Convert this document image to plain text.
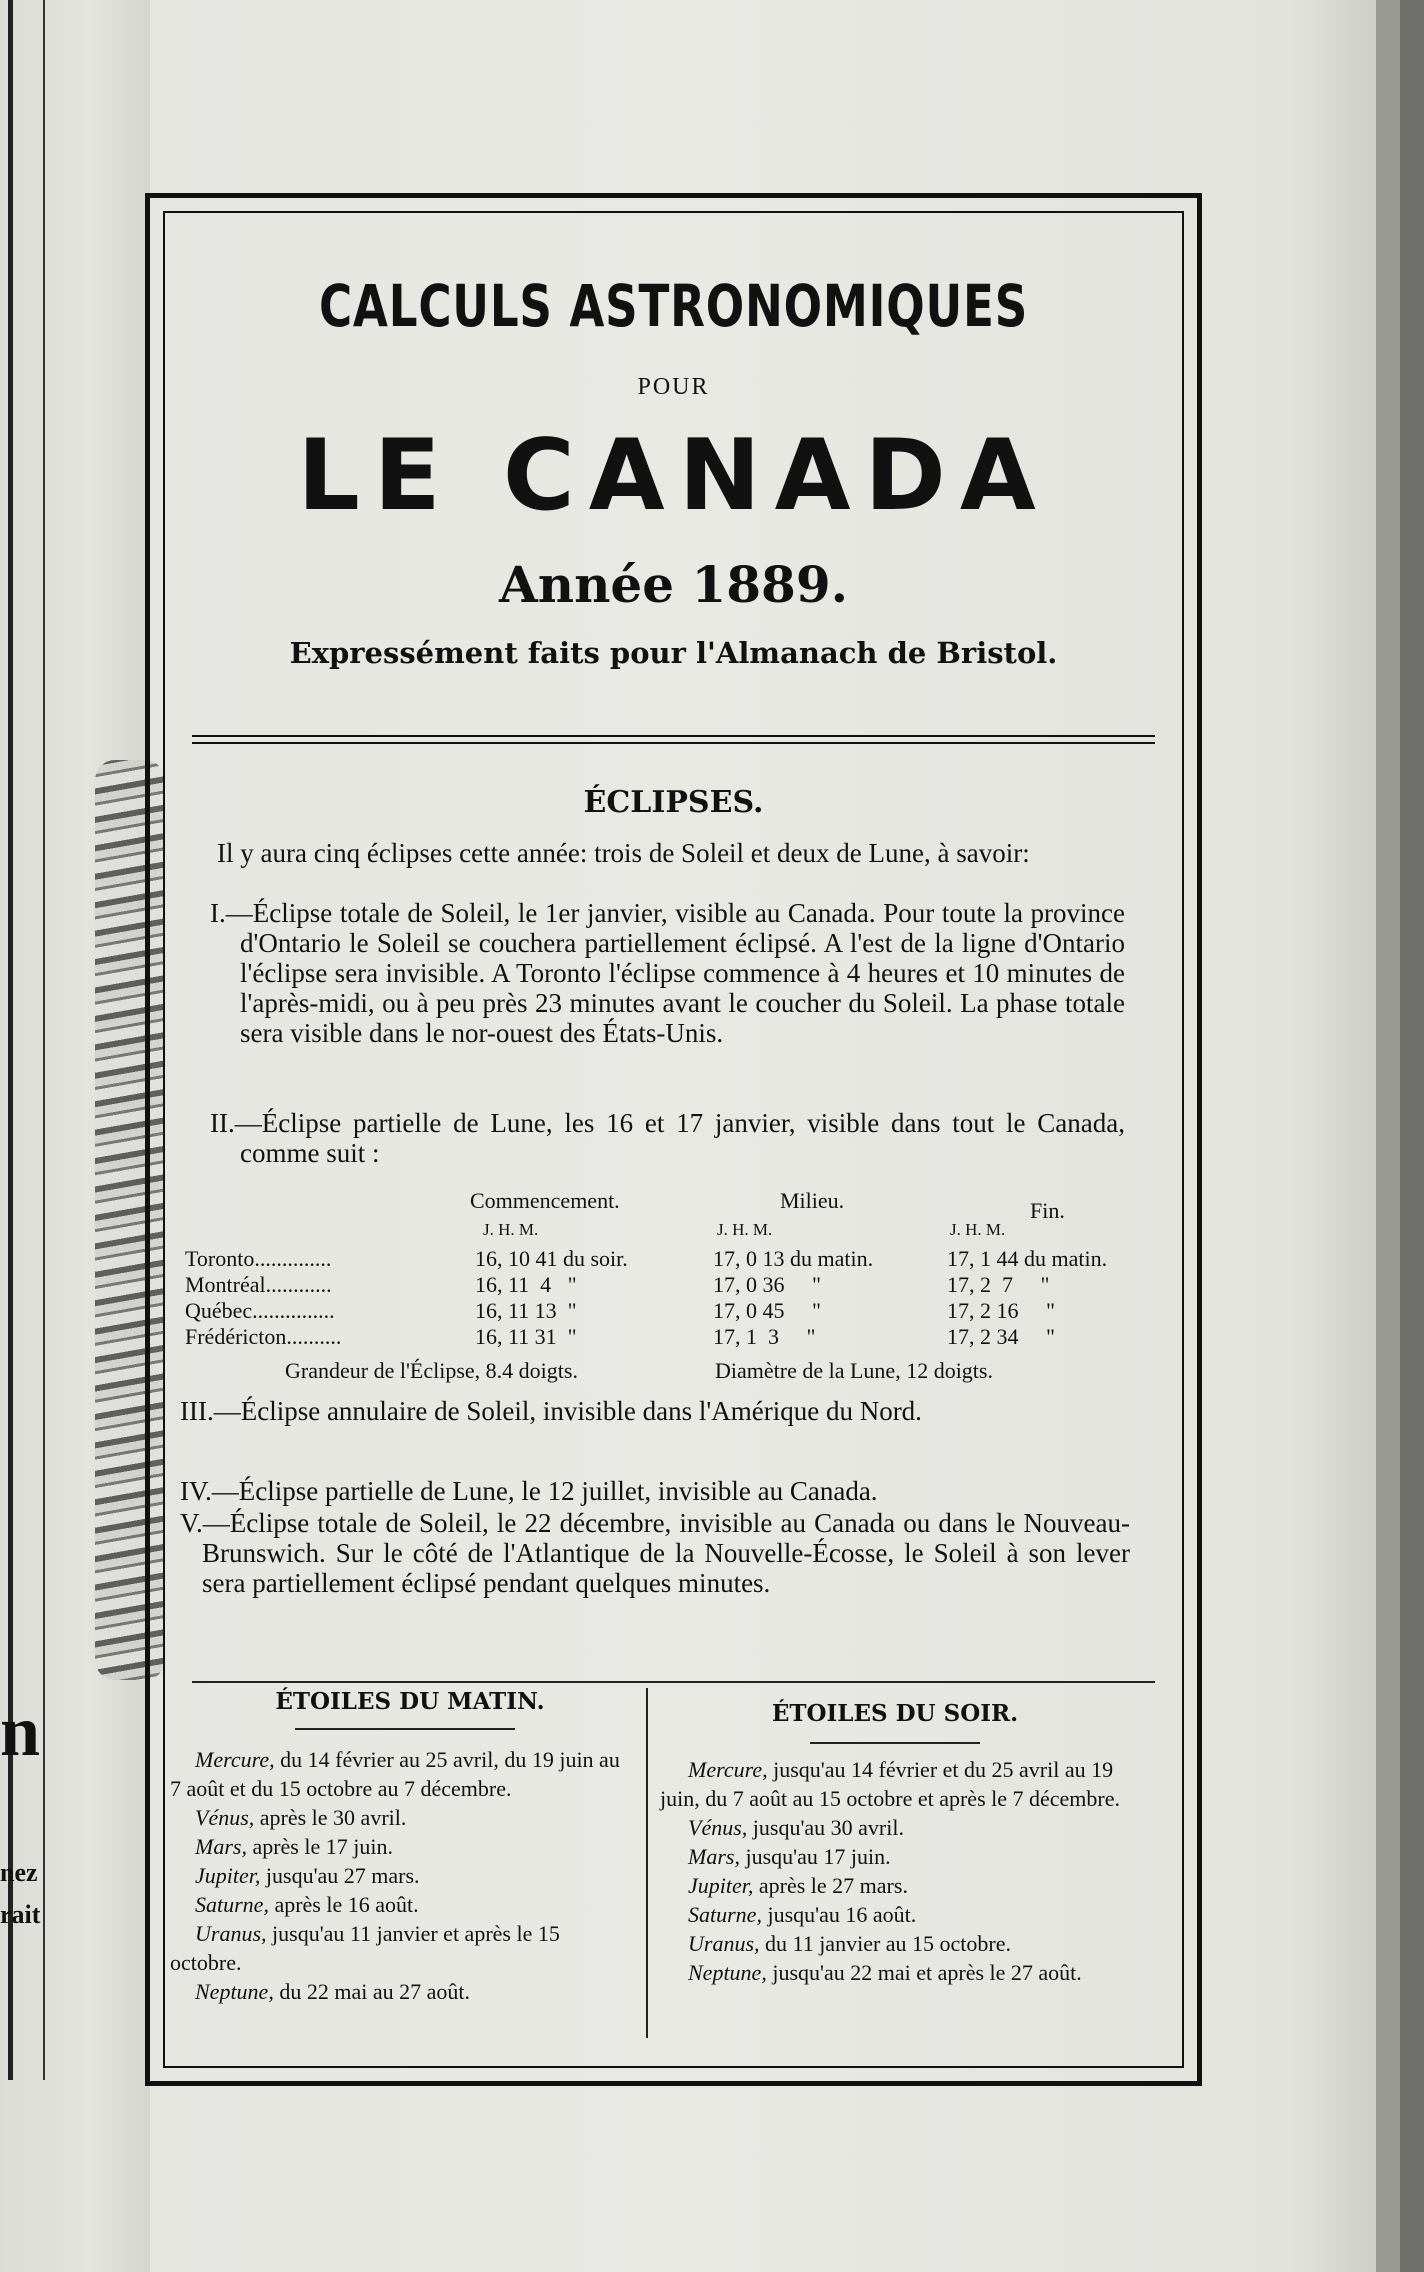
n
nez
rait
CALCULS ASTRONOMIQUES
POUR
LE CANADA
Année 1889.
Expressément faits pour l'Almanach de Bristol.
ÉCLIPSES.
Il y aura cinq éclipses cette année: trois de Soleil et deux de Lune, à savoir:
I.—Éclipse totale de Soleil, le 1er janvier, visible au Canada. Pour toute la province d'Ontario le Soleil se couchera partiellement éclipsé. A l'est de la ligne d'Ontario l'éclipse sera invisible. A Toronto l'éclipse commence à 4 heures et 10 minutes de l'après-midi, ou à peu près 23 minutes avant le coucher du Soleil. La phase totale sera visible dans le nor-ouest des États-Unis.
II.—Éclipse partielle de Lune, les 16 et 17 janvier, visible dans tout le Canada, comme suit :
Commencement.	Milieu.	Fin.
J. H. M.	J. H. M.	J. H. M.
Toronto..............	16, 10 41 du soir.	17, 0 13 du matin.	17, 1 44 du matin.
Montréal............	16, 11  4   "	17, 0 36     "	17, 2  7     "
Québec...............	16, 11 13  "	17, 0 45     "	17, 2 16     "
Frédéricton..........	16, 11 31  "	17, 1  3     "	17, 2 34     "
Grandeur de l'Éclipse, 8.4 doigts.	Diamètre de la Lune, 12 doigts.
III.—Éclipse annulaire de Soleil, invisible dans l'Amérique du Nord.
IV.—Éclipse partielle de Lune, le 12 juillet, invisible au Canada.
V.—Éclipse totale de Soleil, le 22 décembre, invisible au Canada ou dans le Nouveau-Brunswich. Sur le côté de l'Atlantique de la Nouvelle-Écosse, le Soleil à son lever sera partiellement éclipsé pendant quelques minutes.
ÉTOILES DU MATIN.	ÉTOILES DU SOIR.
Mercure, du 14 février au 25 avril, du 19 juin au 7 août et du 15 octobre au 7 décembre.
Vénus, après le 30 avril.
Mars, après le 17 juin.
Jupiter, jusqu'au 27 mars.
Saturne, après le 16 août.
Uranus, jusqu'au 11 janvier et après le 15 octobre.
Neptune, du 22 mai au 27 août.
Mercure, jusqu'au 14 février et du 25 avril au 19 juin, du 7 août au 15 octobre et après le 7 décembre.
Vénus, jusqu'au 30 avril.
Mars, jusqu'au 17 juin.
Jupiter, après le 27 mars.
Saturne, jusqu'au 16 août.
Uranus, du 11 janvier au 15 octobre.
Neptune, jusqu'au 22 mai et après le 27 août.
